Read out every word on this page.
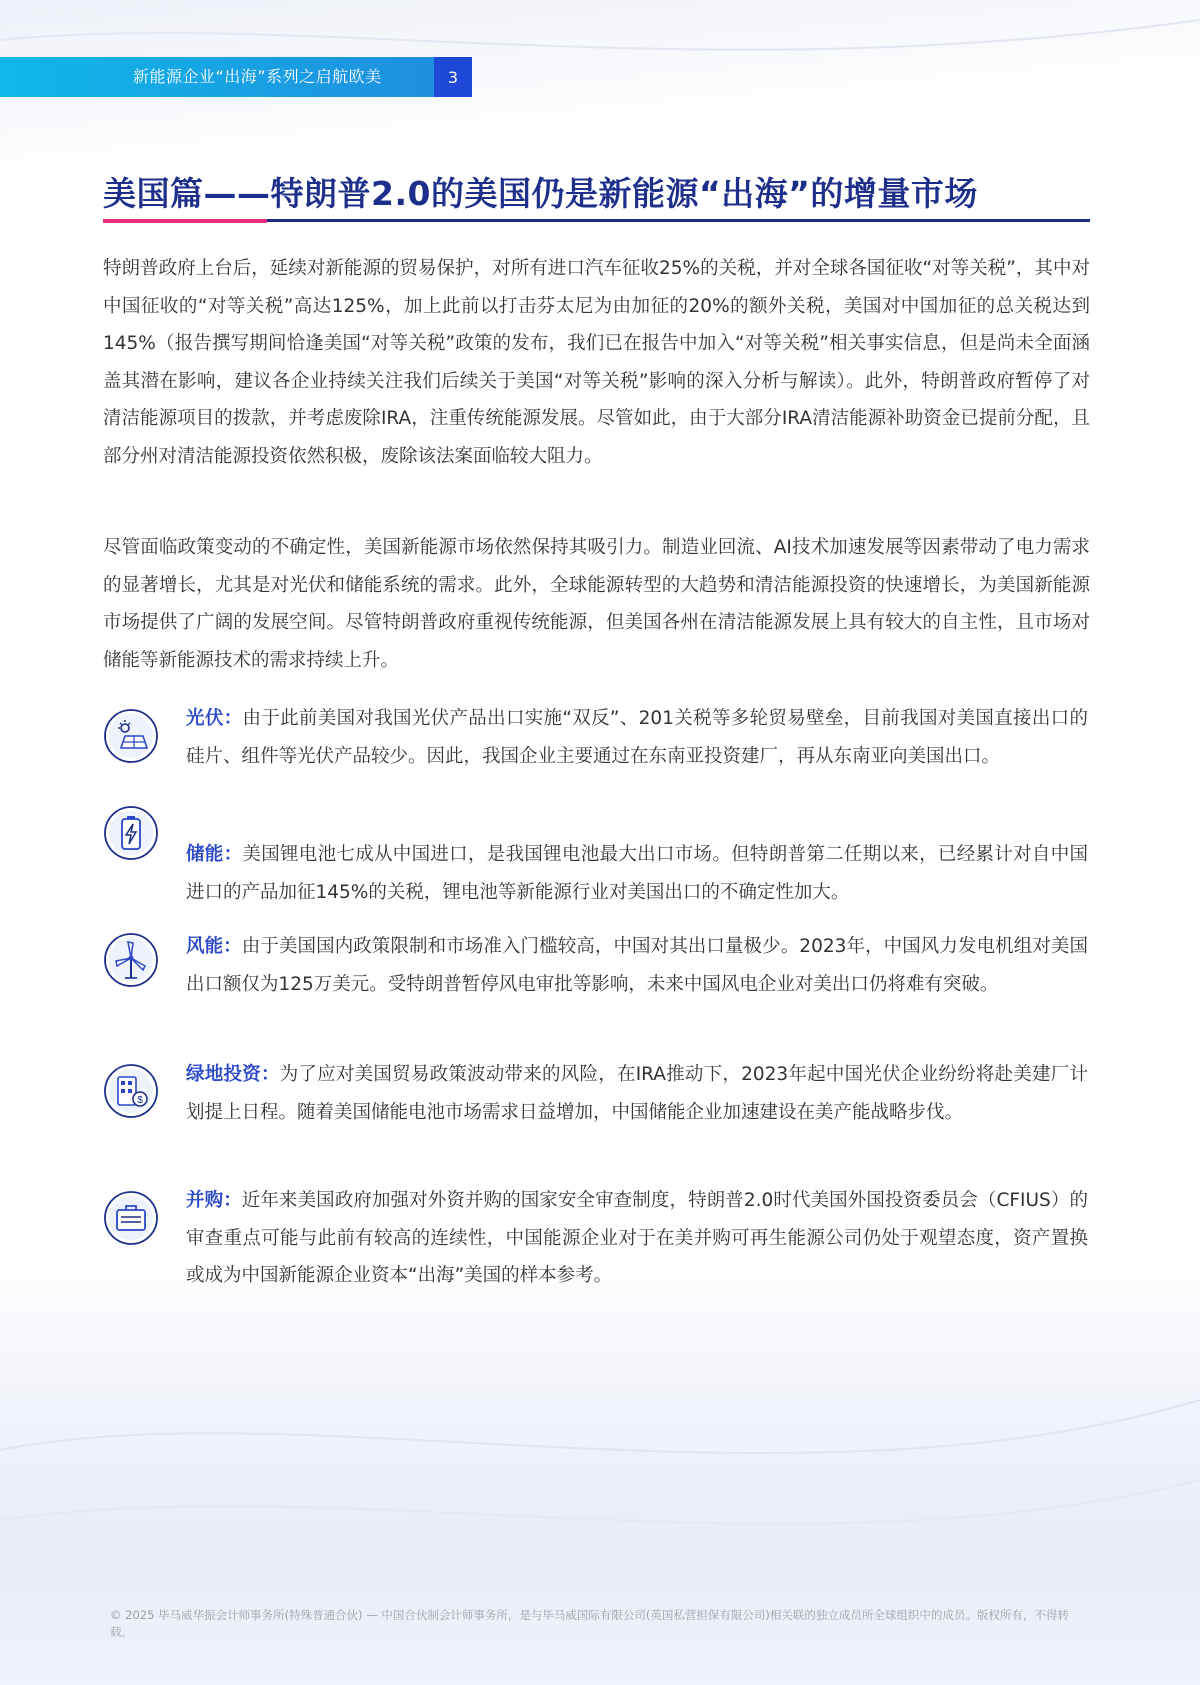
新能源企业“出海”系列之启航欧美	3
美国篇——特朗普2.0的美国仍是新能源“出海”的增量市场

特朗普政府上台后，延续对新能源的贸易保护，对所有进口汽车征收25%的关税，并对全球各国征收“对等关税”，其中对中国征收的“对等关税”高达125%，加上此前以打击芬太尼为由加征的20%的额外关税，美国对中国加征的总关税达到145%（报告撰写期间恰逢美国“对等关税”政策的发布，我们已在报告中加入“对等关税”相关事实信息，但是尚未全面涵盖其潜在影响，建议各企业持续关注我们后续关于美国“对等关税”影响的深入分析与解读）。此外，特朗普政府暂停了对清洁能源项目的拨款，并考虑废除IRA，注重传统能源发展。尽管如此，由于大部分IRA清洁能源补助资金已提前分配，且部分州对清洁能源投资依然积极，废除该法案面临较大阻力。

尽管面临政策变动的不确定性，美国新能源市场依然保持其吸引力。制造业回流、AI技术加速发展等因素带动了电力需求的显著增长，尤其是对光伏和储能系统的需求。此外，全球能源转型的大趋势和清洁能源投资的快速增长，为美国新能源市场提供了广阔的发展空间。尽管特朗普政府重视传统能源，但美国各州在清洁能源发展上具有较大的自主性，且市场对储能等新能源技术的需求持续上升。

光伏：由于此前美国对我国光伏产品出口实施“双反”、201关税等多轮贸易壁垒，目前我国对美国直接出口的硅片、组件等光伏产品较少。因此，我国企业主要通过在东南亚投资建厂，再从东南亚向美国出口。
储能：美国锂电池七成从中国进口，是我国锂电池最大出口市场。但特朗普第二任期以来，已经累计对自中国进口的产品加征145%的关税，锂电池等新能源行业对美国出口的不确定性加大。
风能：由于美国国内政策限制和市场准入门槛较高，中国对其出口量极少。2023年，中国风力发电机组对美国出口额仅为125万美元。受特朗普暂停风电审批等影响，未来中国风电企业对美出口仍将难有突破。
$
绿地投资：为了应对美国贸易政策波动带来的风险，在IRA推动下，2023年起中国光伏企业纷纷将赴美建厂计划提上日程。随着美国储能电池市场需求日益增加，中国储能企业加速建设在美产能战略步伐。
并购：近年来美国政府加强对外资并购的国家安全审查制度，特朗普2.0时代美国外国投资委员会（CFIUS）的审查重点可能与此前有较高的连续性，中国能源企业对于在美并购可再生能源公司仍处于观望态度，资产置换或成为中国新能源企业资本“出海”美国的样本参考。
© 2025 毕马威华振会计师事务所(特殊普通合伙) — 中国合伙制会计师事务所，是与毕马威国际有限公司(英国私营担保有限公司)相关联的独立成员所全球组织中的成员。版权所有，不得转载。
